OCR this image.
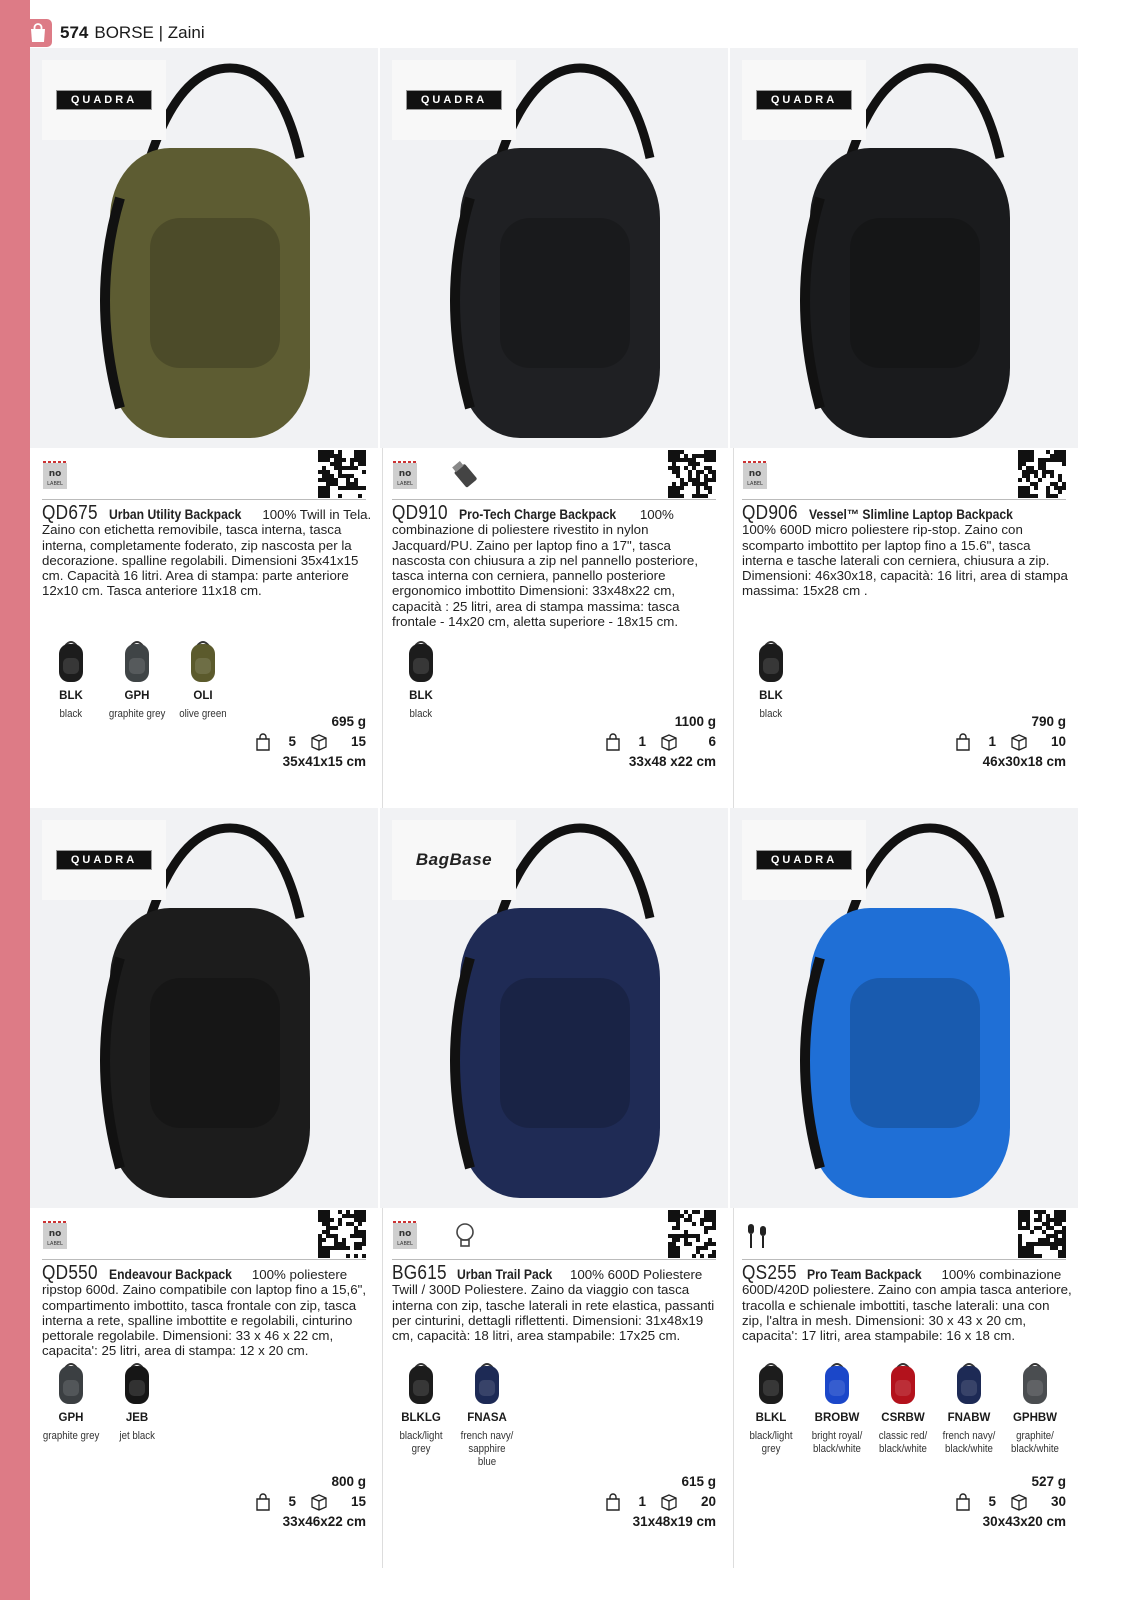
574 BORSE | Zaini
QUADRA
no
LABEL
QD675 Urban Utility Backpack 100% Twill in Tela. Zaino con etichetta removibile, tasca interna, tasca interna, completamente foderato, zip nascosta per la decorazione. spalline regolabili. Dimensioni 35x41x15 cm. Capacità 16 litri. Area di stampa: parte anteriore 12x10 cm. Tasca anteriore 11x18 cm.
BLK
black
GPH
graphite grey
OLI
olive green	695 g
5	15
35x41x15 cm
QUADRA
no
LABEL
QD910 Pro-Tech Charge Backpack 100% combinazione di poliestere rivestito in nylon Jacquard/PU. Zaino per laptop fino a 17", tasca nascosta con chiusura a zip nel pannello posteriore, tasca interna con cerniera, pannello posteriore ergonomico imbottito Dimensioni: 33x48x22 cm, capacità : 25 litri, area di stampa massima: tasca frontale - 14x20 cm, aletta superiore - 18x15 cm.
BLK
black	1100 g
1	6
33x48 x22 cm
QUADRA
no
LABEL
QD906 Vessel™ Slimline Laptop Backpack 100% 600D micro poliestere rip-stop. Zaino con scomparto imbottito per laptop fino a 15.6", tasca interna e tasche laterali con cerniera, chiusura a zip. Dimensioni: 46x30x18, capacità: 16 litri, area di stampa massima: 15x28 cm .
BLK
black	790 g
1	10
46x30x18 cm
QUADRA
no
LABEL
QD550 Endeavour Backpack 100% poliestere ripstop 600d. Zaino compatibile con laptop fino a 15,6", compartimento imbottito, tasca frontale con zip, tasca interna a rete, spalline imbottite e regolabili, cinturino pettorale regolabile. Dimensioni: 33 x 46 x 22 cm, capacita': 25 litri, area di stampa: 12 x 20 cm.
GPH
graphite grey
JEB
jet black
800 g
5	15
33x46x22 cm
BagBase
no
LABEL
BG615 Urban Trail Pack 100% 600D Poliestere Twill / 300D Poliestere. Zaino da viaggio con tasca interna con zip, tasche laterali in rete elastica, passanti per cinturini, dettagli riflettenti. Dimensioni: 31x48x19 cm, capacità: 18 litri, area stampabile: 17x25 cm.
BLKLG
black/light grey
FNASA
french navy/ sapphire blue
615 g
1	20
31x48x19 cm
QUADRA
QS255 Pro Team Backpack 100% combinazione 600D/420D poliestere. Zaino con ampia tasca anteriore, tracolla e schienale imbottiti, tasche laterali: una con zip, l'altra in mesh. Dimensioni: 30 x 43 x 20 cm, capacita': 17 litri, area stampabile: 16 x 18 cm.
BLKL
black/light grey
BROBW
bright royal/ black/white
CSRBW
classic red/ black/white
FNABW
french navy/ black/white
GPHBW
graphite/ black/white
527 g
5	30
30x43x20 cm
